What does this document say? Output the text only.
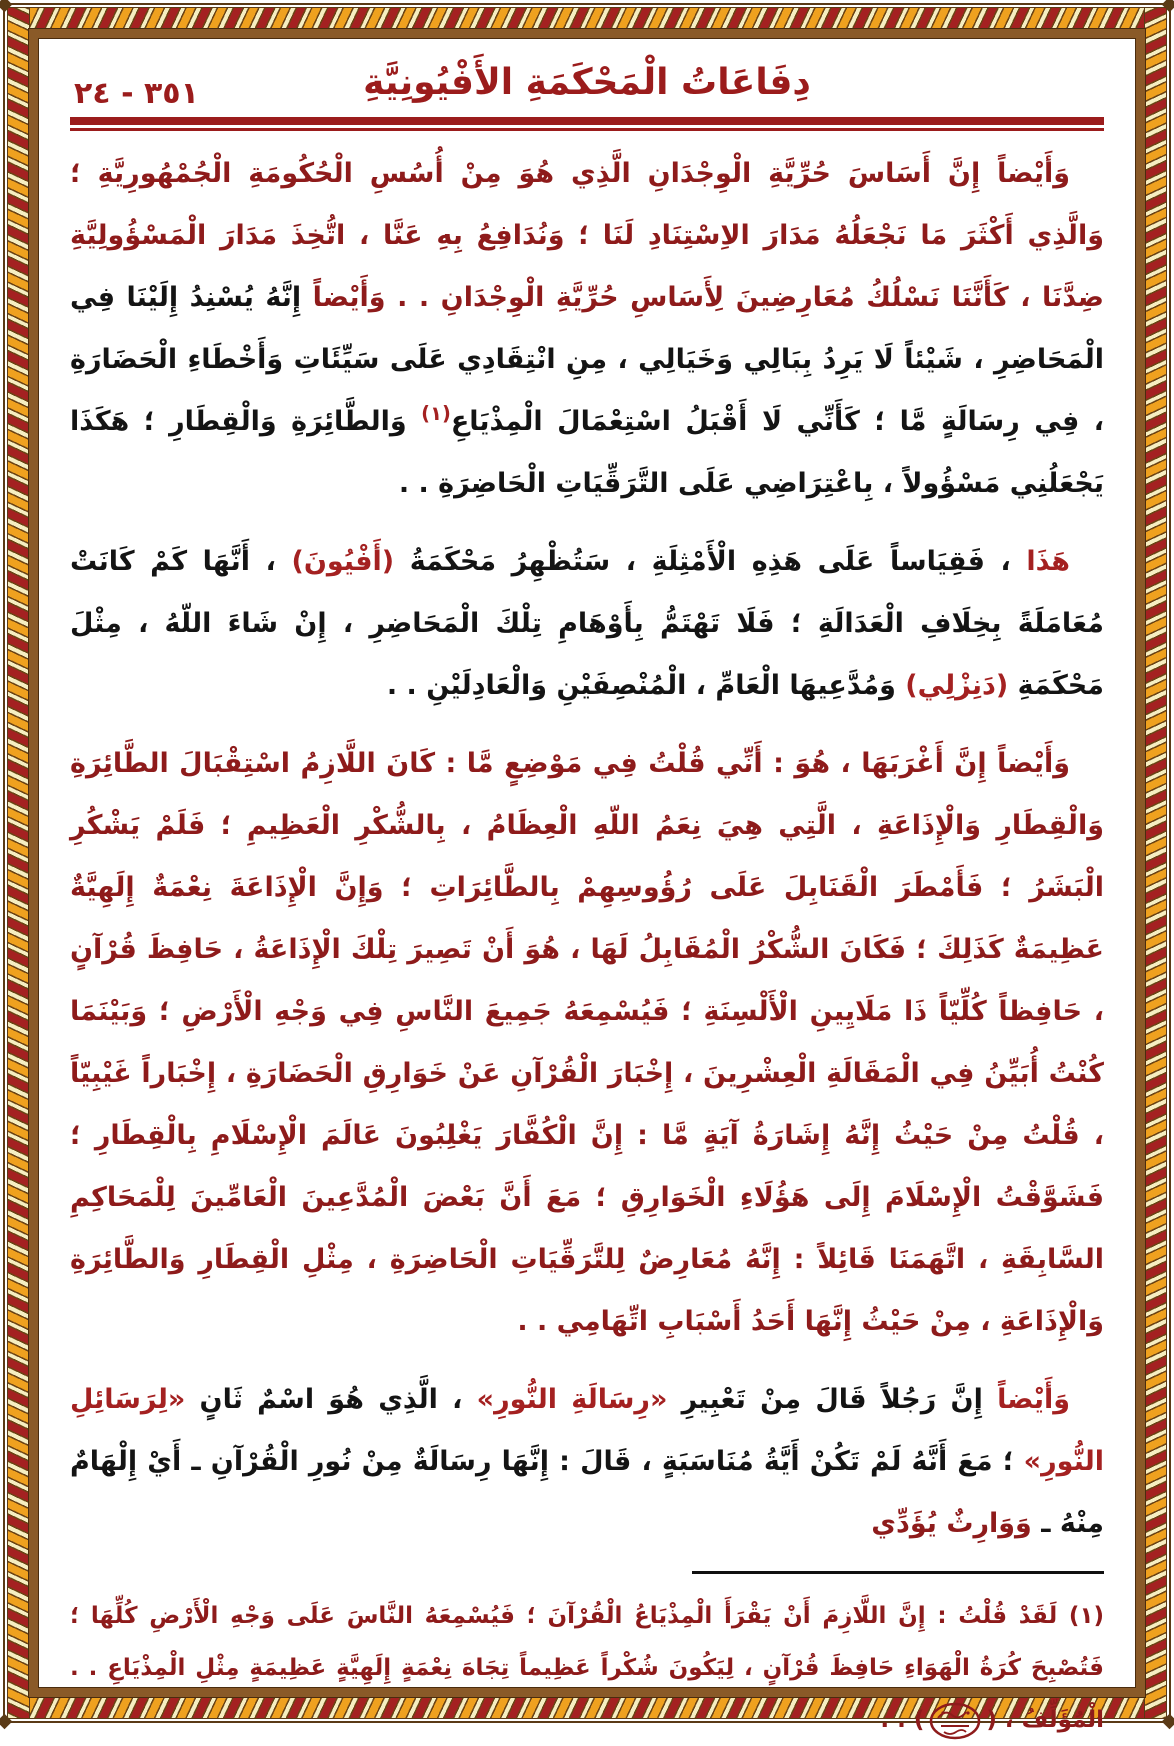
٣٥١ - ٢٤	دِفَاعَاتُ الْمَحْكَمَةِ الأَفْيُونِيَّةِ

وَأَيْضاً إِنَّ أَسَاسَ حُرِّيَّةِ الْوِجْدَانِ الَّذِي هُوَ مِنْ أُسُسِ الْحُكُومَةِ الْجُمْهُورِيَّةِ ؛ وَالَّذِي أَكْثَرَ مَا نَجْعَلُهُ مَدَارَ الاِسْتِنَادِ لَنَا ؛ وَنُدَافِعُ بِهِ عَنَّا ، اتُّخِذَ مَدَارَ الْمَسْؤُولِيَّةِ ضِدَّنَا ، كَأَنَّنَا نَسْلُكُ مُعَارِضِينَ لِأَسَاسِ حُرِّيَّةِ الْوِجْدَانِ . . وَأَيْضاً إِنَّهُ يُسْنِدُ إِلَيْنَا فِي الْمَحَاضِرِ ، شَيْئاً لَا يَرِدُ بِبَالِي وَخَيَالِي ، مِنِ انْتِقَادِي عَلَى سَيِّئَاتِ وَأَخْطَاءِ الْحَضَارَةِ ، فِي رِسَالَةٍ مَّا ؛ كَأَنِّي لَا أَقْبَلُ اسْتِعْمَالَ الْمِذْيَاعِ$^{(١)}$ وَالطَّائِرَةِ وَالْقِطَارِ ؛ هَكَذَا يَجْعَلُنِي مَسْؤُولاً ، بِاعْتِرَاضِي عَلَى التَّرَقِّيَاتِ الْحَاضِرَةِ . .

هَذَا ، فَقِيَاساً عَلَى هَذِهِ الْأَمْثِلَةِ ، سَتُظْهِرُ مَحْكَمَةُ (أَفْيُونَ) ، أَنَّهَا كَمْ كَانَتْ مُعَامَلَةً بِخِلَافِ الْعَدَالَةِ ؛ فَلَا تَهْتَمُّ بِأَوْهَامِ تِلْكَ الْمَحَاضِرِ ، إِنْ شَاءَ اللّهُ ، مِثْلَ مَحْكَمَةِ (دَنِزْلِي) وَمُدَّعِيهَا الْعَامِّ ، الْمُنْصِفَيْنِ وَالْعَادِلَيْنِ . .

وَأَيْضاً إِنَّ أَغْرَبَهَا ، هُوَ : أَنِّي قُلْتُ فِي مَوْضِعٍ مَّا : كَانَ اللَّازِمُ اسْتِقْبَالَ الطَّائِرَةِ وَالْقِطَارِ وَالْإِذَاعَةِ ، الَّتِي هِيَ نِعَمُ اللّهِ الْعِظَامُ ، بِالشُّكْرِ الْعَظِيمِ ؛ فَلَمْ يَشْكُرِ الْبَشَرُ ؛ فَأَمْطَرَ الْقَنَابِلَ عَلَى رُؤُوسِهِمْ بِالطَّائِرَاتِ ؛ وَإِنَّ الْإِذَاعَةَ نِعْمَةٌ إِلَهِيَّةٌ عَظِيمَةٌ كَذَلِكَ ؛ فَكَانَ الشُّكْرُ الْمُقَابِلُ لَهَا ، هُوَ أَنْ تَصِيرَ تِلْكَ الْإِذَاعَةُ ، حَافِظَ قُرْآنٍ ، حَافِظاً كُلِّيّاً ذَا مَلَايِينِ الْأَلْسِنَةِ ؛ فَيُسْمِعَهُ جَمِيعَ النَّاسِ فِي وَجْهِ الْأَرْضِ ؛ وَبَيْنَمَا كُنْتُ أُبَيِّنُ فِي الْمَقَالَةِ الْعِشْرِينَ ، إِخْبَارَ الْقُرْآنِ عَنْ خَوَارِقِ الْحَضَارَةِ ، إِخْبَاراً غَيْبِيّاً ، قُلْتُ مِنْ حَيْثُ إِنَّهُ إِشَارَةُ آيَةٍ مَّا : إِنَّ الْكُفَّارَ يَغْلِبُونَ عَالَمَ الْإِسْلَامِ بِالْقِطَارِ ؛ فَشَوَّقْتُ الْإِسْلَامَ إِلَى هَؤُلَاءِ الْخَوَارِقِ ؛ مَعَ أَنَّ بَعْضَ الْمُدَّعِينَ الْعَامِّينَ لِلْمَحَاكِمِ السَّابِقَةِ ، اتَّهَمَنَا قَائِلاً : إِنَّهُ مُعَارِضٌ لِلتَّرَقِّيَاتِ الْحَاضِرَةِ ، مِثْلِ الْقِطَارِ وَالطَّائِرَةِ وَالْإِذَاعَةِ ، مِنْ حَيْثُ إِنَّهَا أَحَدُ أَسْبَابِ اتِّهَامِي . .

وَأَيْضاً إِنَّ رَجُلاً قَالَ مِنْ تَعْبِيرِ «رِسَالَةِ النُّورِ» ، الَّذِي هُوَ اسْمٌ ثَانٍ «لِرَسَائِلِ النُّورِ» ؛ مَعَ أَنَّهُ لَمْ تَكُنْ أَيَّةُ مُنَاسَبَةٍ ، قَالَ : إِنَّهَا رِسَالَةٌ مِنْ نُورِ الْقُرْآنِ ـ أَيْ إِلْهَامٌ مِنْهُ ـ وَوَارِثٌ يُؤَدِّي

(١) لَقَدْ قُلْتُ : إِنَّ اللَّازِمَ أَنْ يَقْرَأَ الْمِذْيَاعُ الْقُرْآنَ ؛ فَيُسْمِعَهُ النَّاسَ عَلَى وَجْهِ الْأَرْضِ كُلِّهَا ؛ فَتُصْبِحَ كُرَةُ الْهَوَاءِ حَافِظَ قُرْآنٍ ، لِيَكُونَ شُكْراً عَظِيماً تِجَاهَ نِعْمَةٍ إِلَهِيَّةٍ عَظِيمَةٍ مِثْلِ الْمِذْيَاعِ . . الْمُؤَلِّفُ ، () . .
